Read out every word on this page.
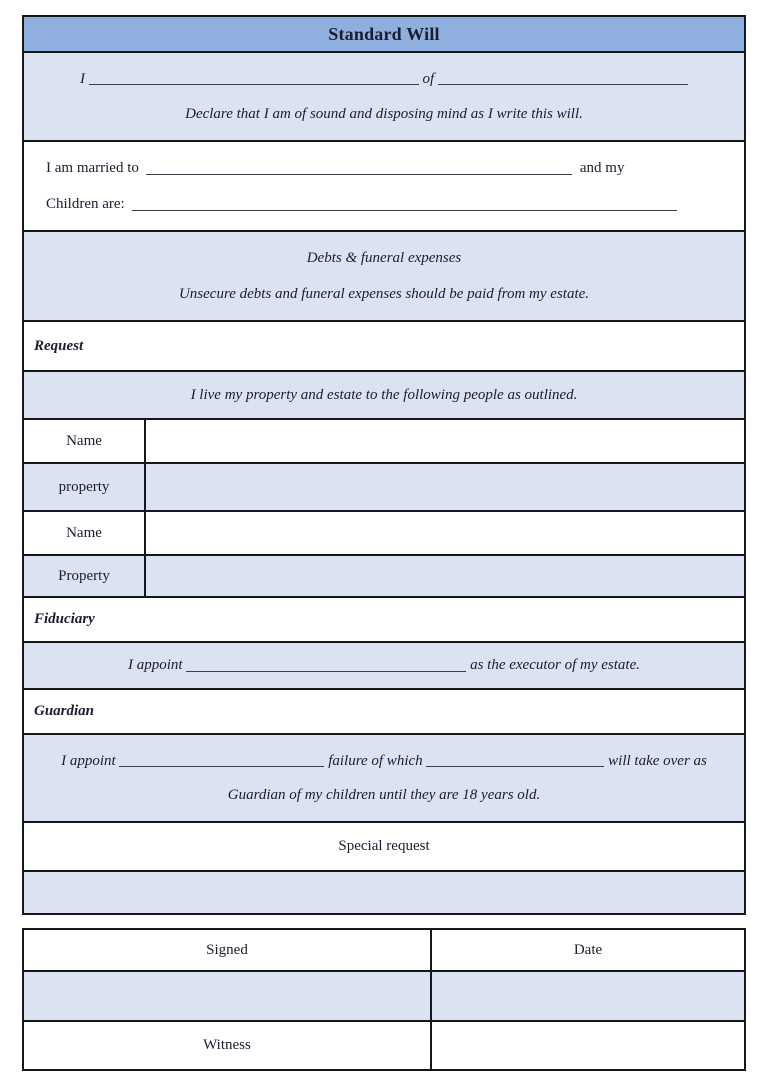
Standard Will
I

	of

Declare that I am of sound and disposing mind as I write this will.
I am married to	and my
Children are:
Debts & funeral expenses
Unsecure debts and funeral expenses should be paid from my estate.
Request
I live my property and estate to the following people as outlined.
Name
property
Name
Property
Fiduciary
I appoint

	as the executor of my estate.
Guardian
I appoint

	failure of which

	will take over as
Guardian of my children until they are 18 years old.
Special request
Signed	Date
Witness
